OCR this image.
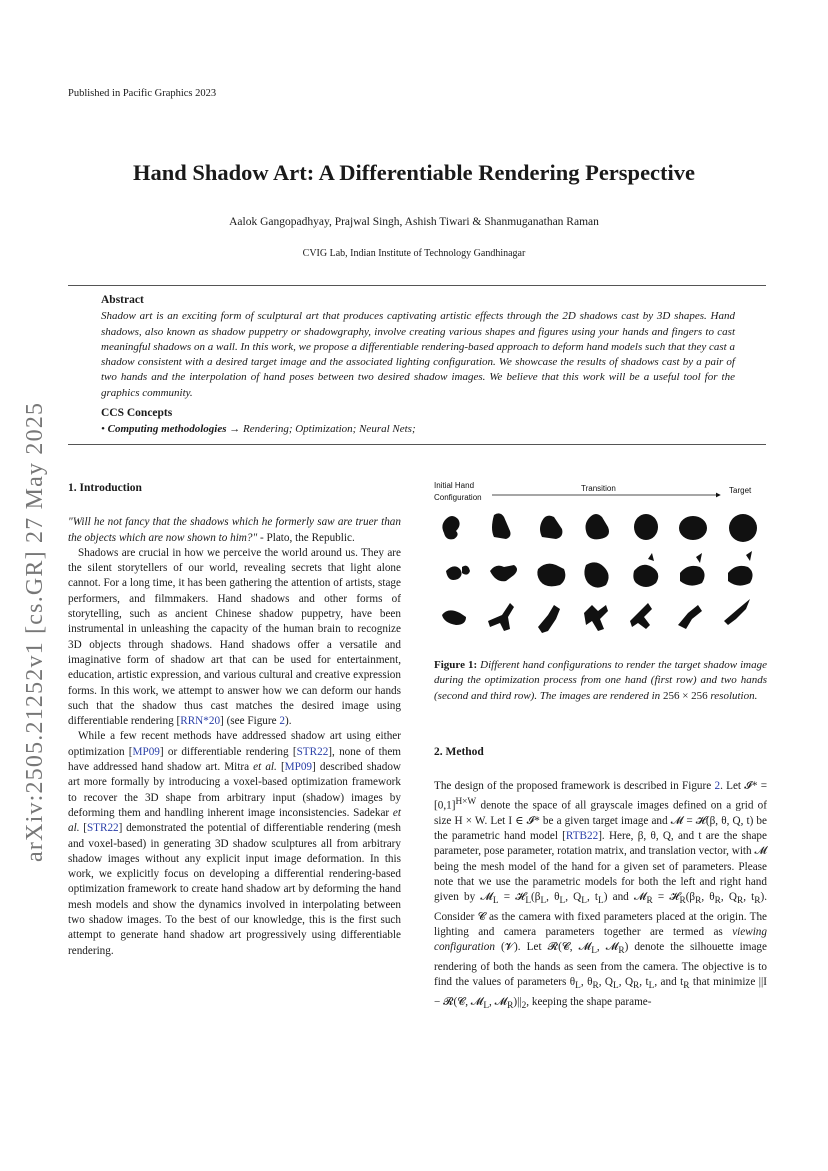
Published in Pacific Graphics 2023
arXiv:2505.21252v1 [cs.GR] 27 May 2025
Hand Shadow Art: A Differentiable Rendering Perspective
Aalok Gangopadhyay, Prajwal Singh, Ashish Tiwari & Shanmuganathan Raman
CVIG Lab, Indian Institute of Technology Gandhinagar
Abstract

Shadow art is an exciting form of sculptural art that produces captivating artistic effects through the 2D shadows cast by 3D shapes. Hand shadows, also known as shadow puppetry or shadowgraphy, involve creating various shapes and figures using your hands and fingers to cast meaningful shadows on a wall. In this work, we propose a differentiable rendering-based approach to deform hand models such that they cast a shadow consistent with a desired target image and the associated lighting configuration. We showcase the results of shadows cast by a pair of two hands and the interpolation of hand poses between two desired shadow images. We believe that this work will be a useful tool for the graphics community.

CCS Concepts
• Computing methodologies → Rendering; Optimization; Neural Nets;
1. Introduction

"Will he not fancy that the shadows which he formerly saw are truer than the objects which are now shown to him?" - Plato, the Republic.

Shadows are crucial in how we perceive the world around us. They are the silent storytellers of our world, revealing secrets that light alone cannot. For a long time, it has been gathering the attention of artists, stage performers, and filmmakers. Hand shadows and other forms of storytelling, such as ancient Chinese shadow puppetry, have been instrumental in unleashing the capacity of the human brain to recognize 3D objects through shadows. Hand shadows offer a versatile and imaginative form of shadow art that can be used for entertainment, education, artistic expression, and various cultural and creative expression forms. In this work, we attempt to answer how we can deform our hands such that the shadow thus cast matches the desired image using differentiable rendering [RRN*20] (see Figure 2).

While a few recent methods have addressed shadow art using either optimization [MP09] or differentiable rendering [STR22], none of them have addressed hand shadow art. Mitra et al. [MP09] described shadow art more formally by introducing a voxel-based optimization framework to recover the 3D shape from arbitrary input (shadow) images by deforming them and handling inherent image inconsistencies. Sadekar et al. [STR22] demonstrated the potential of differentiable rendering (mesh and voxel-based) in generating 3D shadow sculptures all from arbitrary shadow images without any explicit input image deformation. In this work, we explicitly focus on developing a differential rendering-based optimization framework to create hand shadow art by deforming the hand mesh models and show the dynamics involved in interpolating between two shadow images. To the best of our knowledge, this is the first such attempt to generate hand shadow art progressively using differentiable rendering.

Initial Hand
Configuration
Transition	Target
Figure 1: Different hand configurations to render the target shadow image during the optimization process from one hand (first row) and two hands (second and third row). The images are rendered in 256 × 256 resolution.
2. Method

The design of the proposed framework is described in Figure 2. Let 𝓘* = $[0,1]^{H\times W}$ denote the space of all grayscale images defined on a grid of size H × W. Let I ∈ 𝓘* be a given target image and 𝓜 = 𝓗(β, θ, Q, t) be the parametric hand model [RTB22]. Here, β, θ, Q, and t are the shape parameter, pose parameter, rotation matrix, and translation vector, with 𝓜 being the mesh model of the hand for a given set of parameters. Please note that we use the parametric models for both the left and right hand given by 𝓜$_L$ = $𝓗_L(\beta_L$, $\theta_L$, $Q_L$, $t_L$) and 𝓜$_R$ = $𝓗_R(\beta_R$, $\theta_R$, $Q_R$, $t_R$). Consider 𝓒 as the camera with fixed parameters placed at the origin. The lighting and camera parameters together are termed as viewing configuration (𝓥). Let 𝓡(𝓒, 𝓜$_L$, 𝓜$_R$) denote the silhouette image rendering of both the hands as seen from the camera. The objective is to find the values of parameters $\theta_L$, $\theta_R$, $Q_L$, $Q_R$, $t_L$, and $t_R$ that minimize ||I − 𝓡(𝓒, 𝓜$_L$, $𝓜_R)||_2$, keeping the shape parame-
